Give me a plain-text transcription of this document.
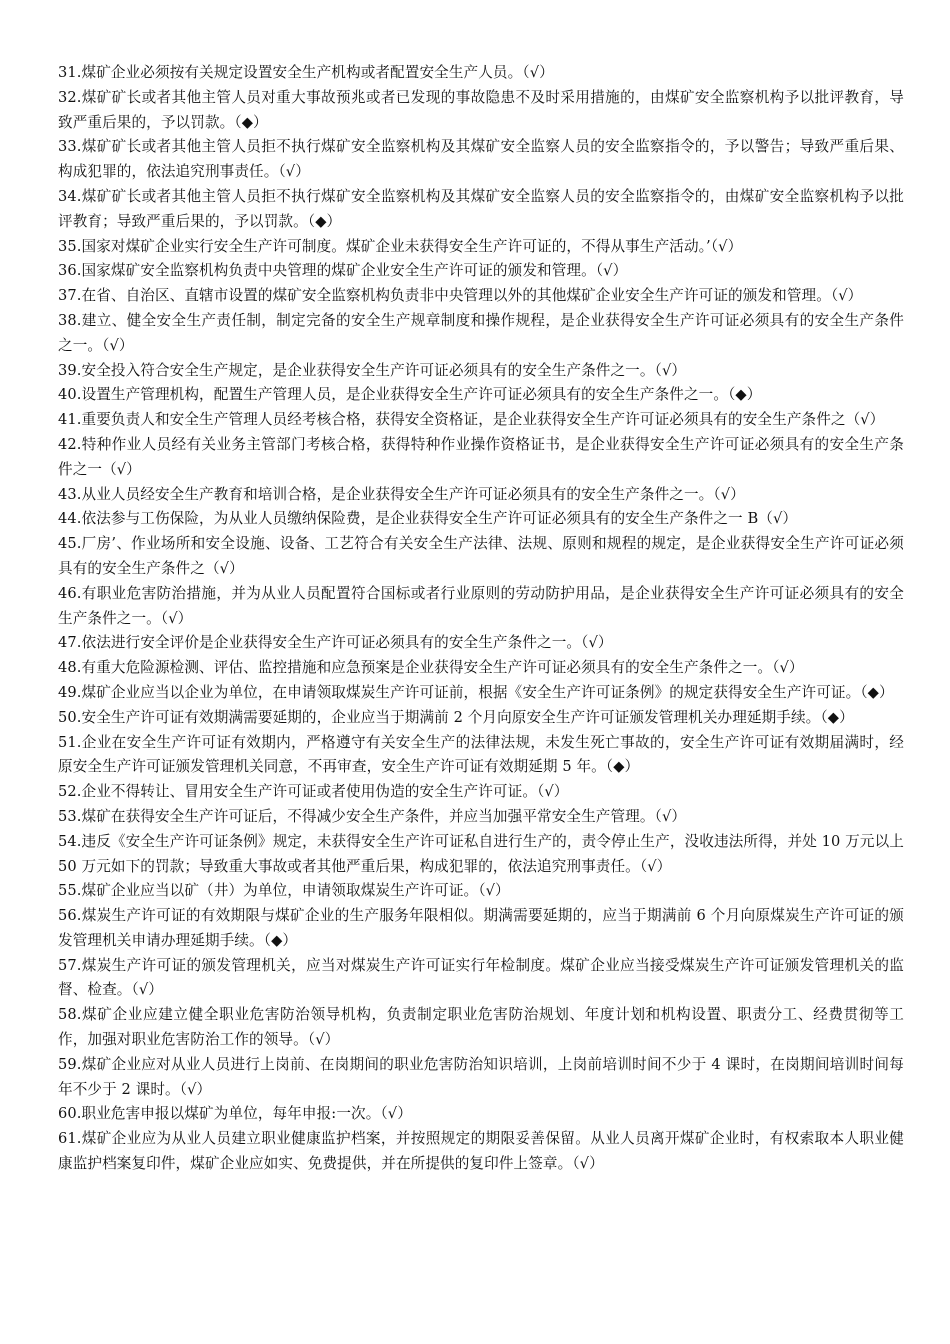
31.煤矿企业必须按有关规定设置安全生产机构或者配置安全生产人员。（√）

32.煤矿矿长或者其他主管人员对重大事故预兆或者已发现的事故隐患不及时采用措施的，由煤矿安全监察机构予以批评教育，导致严重后果的，予以罚款。（◆）

33.煤矿矿长或者其他主管人员拒不执行煤矿安全监察机构及其煤矿安全监察人员的安全监察指令的，予以警告；导致严重后果、构成犯罪的，依法追究刑事责任。（√）

34.煤矿矿长或者其他主管人员拒不执行煤矿安全监察机构及其煤矿安全监察人员的安全监察指令的，由煤矿安全监察机构予以批评教育；导致严重后果的，予以罚款。（◆）

35.国家对煤矿企业实行安全生产许可制度。煤矿企业未获得安全生产许可证的，不得从事生产活动。’（√）

36.国家煤矿安全监察机构负责中央管理的煤矿企业安全生产许可证的颁发和管理。（√）

37.在省、自治区、直辖市设置的煤矿安全监察机构负责非中央管理以外的其他煤矿企业安全生产许可证的颁发和管理。（√）

38.建立、健全安全生产责任制，制定完备的安全生产规章制度和操作规程，是企业获得安全生产许可证必须具有的安全生产条件之一。（√）

39.安全投入符合安全生产规定，是企业获得安全生产许可证必须具有的安全生产条件之一。（√）

40.设置生产管理机构，配置生产管理人员，是企业获得安全生产许可证必须具有的安全生产条件之一。（◆）

41.重要负责人和安全生产管理人员经考核合格，获得安全资格证，是企业获得安全生产许可证必须具有的安全生产条件之（√）

42.特种作业人员经有关业务主管部门考核合格，获得特种作业操作资格证书，是企业获得安全生产许可证必须具有的安全生产条件之一（√）

43.从业人员经安全生产教育和培训合格，是企业获得安全生产许可证必须具有的安全生产条件之一。（√）

44.依法参与工伤保险，为从业人员缴纳保险费，是企业获得安全生产许可证必须具有的安全生产条件之一 B（√）

45.厂房’、作业场所和安全设施、设备、工艺符合有关安全生产法律、法规、原则和规程的规定，是企业获得安全生产许可证必须具有的安全生产条件之（√）

46.有职业危害防治措施，并为从业人员配置符合国标或者行业原则的劳动防护用品，是企业获得安全生产许可证必须具有的安全生产条件之一。（√）

47.依法进行安全评价是企业获得安全生产许可证必须具有的安全生产条件之一。（√）

48.有重大危险源检测、评估、监控措施和应急预案是企业获得安全生产许可证必须具有的安全生产条件之一。（√）

49.煤矿企业应当以企业为单位，在申请领取煤炭生产许可证前，根据《安全生产许可证条例》的规定获得安全生产许可证。（◆）

50.安全生产许可证有效期满需要延期的，企业应当于期满前 2 个月向原安全生产许可证颁发管理机关办理延期手续。（◆）

51.企业在安全生产许可证有效期内，严格遵守有关安全生产的法律法规，未发生死亡事故的，安全生产许可证有效期届满时，经原安全生产许可证颁发管理机关同意，不再审查，安全生产许可证有效期延期 5 年。（◆）

52.企业不得转让、冒用安全生产许可证或者使用伪造的安全生产许可证。（√）

53.煤矿在获得安全生产许可证后，不得减少安全生产条件，并应当加强平常安全生产管理。（√）

54.违反《安全生产许可证条例》规定，未获得安全生产许可证私自进行生产的，责令停止生产，没收违法所得，并处 10 万元以上 50 万元如下的罚款；导致重大事故或者其他严重后果，构成犯罪的，依法追究刑事责任。（√）

55.煤矿企业应当以矿（井）为单位，申请领取煤炭生产许可证。（√）

56.煤炭生产许可证的有效期限与煤矿企业的生产服务年限相似。期满需要延期的，应当于期满前 6 个月向原煤炭生产许可证的颁发管理机关申请办理延期手续。（◆）

57.煤炭生产许可证的颁发管理机关，应当对煤炭生产许可证实行年检制度。煤矿企业应当接受煤炭生产许可证颁发管理机关的监督、检查。（√）

58.煤矿企业应建立健全职业危害防治领导机构，负责制定职业危害防治规划、年度计划和机构设置、职责分工、经费贯彻等工作，加强对职业危害防治工作的领导。（√）

59.煤矿企业应对从业人员进行上岗前、在岗期间的职业危害防治知识培训，上岗前培训时间不少于 4 课时，在岗期间培训时间每年不少于 2 课时。（√）

60.职业危害申报以煤矿为单位，每年申报:一次。（√）

61.煤矿企业应为从业人员建立职业健康监护档案，并按照规定的期限妥善保留。从业人员离开煤矿企业时，有权索取本人职业健康监护档案复印件，煤矿企业应如实、免费提供，并在所提供的复印件上签章。（√）
